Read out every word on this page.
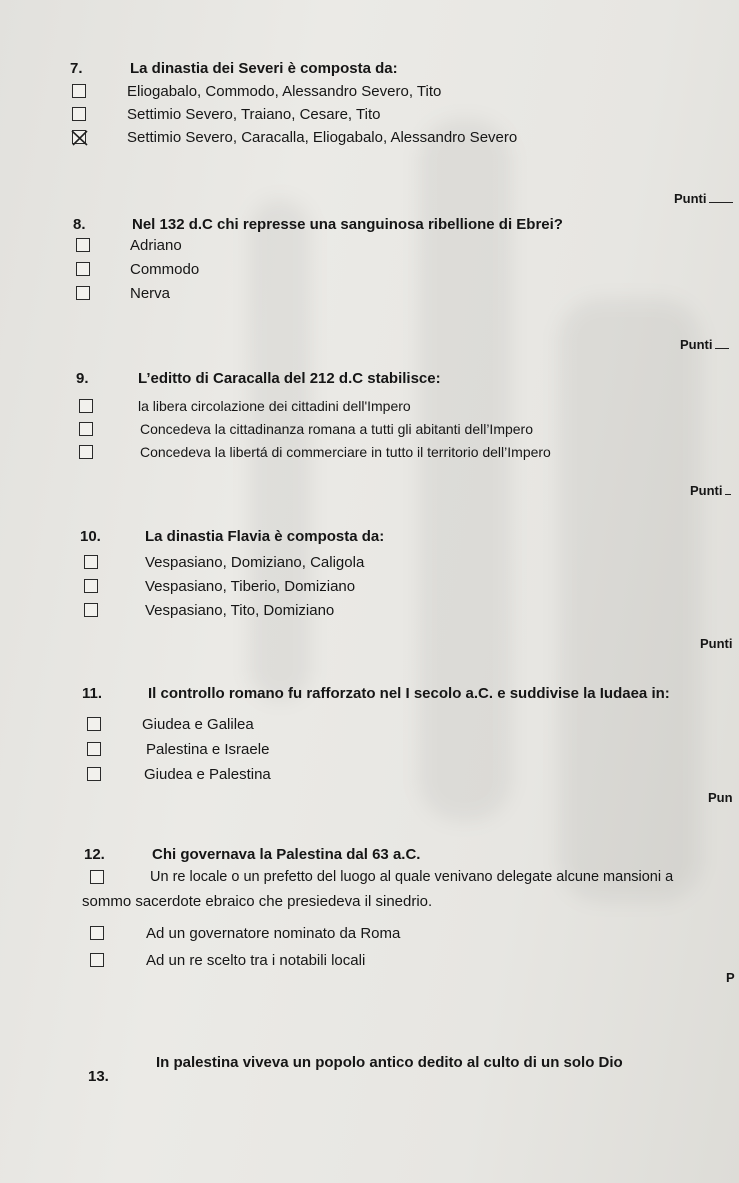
7.	La dinastia dei Severi è composta da:
Eliogabalo, Commodo, Alessandro Severo, Tito
Settimio Severo, Traiano, Cesare, Tito
Settimio Severo, Caracalla, Eliogabalo, Alessandro Severo
Punti
8.	Nel 132 d.C chi represse una sanguinosa ribellione di Ebrei?
Adriano
Commodo
Nerva
Punti
9.	L’editto di Caracalla del 212 d.C stabilisce:
la libera circolazione dei cittadini dell'Impero
Concedeva la cittadinanza romana a tutti gli abitanti dell’Impero
Concedeva la libertá di commerciare in tutto il territorio dell’Impero
Punti
10.	La dinastia Flavia è composta da:
Vespasiano, Domiziano, Caligola
Vespasiano, Tiberio, Domiziano
Vespasiano, Tito, Domiziano
Punti
11.	Il controllo romano fu rafforzato nel I secolo a.C. e suddivise la Iudaea in:
Giudea e Galilea
Palestina e Israele
Giudea e Palestina
Pun
12.	Chi governava la Palestina dal 63 a.C.
Un re locale o un prefetto del luogo al quale venivano delegate alcune mansioni a
sommo sacerdote ebraico che presiedeva il sinedrio.
Ad un governatore nominato da Roma
Ad un re scelto tra i notabili locali
P
13.
In palestina viveva un popolo antico dedito al culto di un solo Dio
